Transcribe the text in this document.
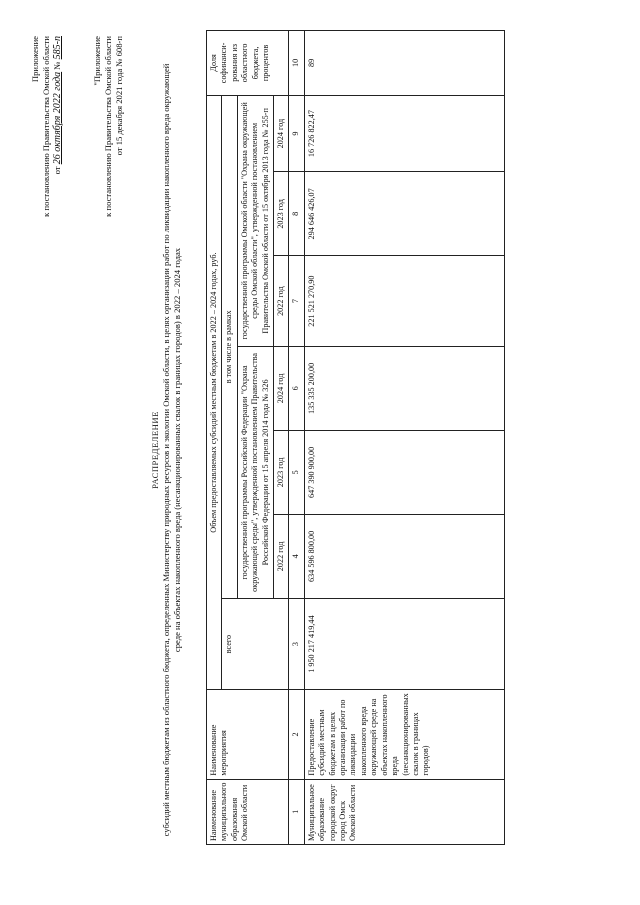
Приложение к постановлению Правительства Омской области от 26 октября 2022 года № 585-п	"Приложение к постановлению Правительства Омской области от 15 декабря 2021 года № 608-п
РАСПРЕДЕЛЕНИЕ субсидий местным бюджетам из областного бюджета, определенных Министерству природных ресурсов и экологии Омской области, в целях организации работ по ликвидации накопленного вреда окружающей среде на объектах накопленного вреда (несанкционированных свалок в границах городов) в 2022 – 2024 годах
Наименование муниципального образования Омской области	Наименование мероприятия	Объем предоставляемых субсидий местным бюджетам в 2022 – 2024 годах, руб.							Доля софинанси-рования из областного бюджета, процентов
		всего	в том числе в рамках						
			государственной программы Российской Федерации "Охрана окружающей среды", утвержденной постановлением Правительства Российской Федерации от 15 апреля 2014 года № 326			государственной программы Омской области "Охрана окружающей среды Омской области", утвержденной постановлением Правительства Омской области от 15 октября 2013 года № 255-п			
			2022 год	2023 год	2024 год	2022 год	2023 год	2024 год	
1	2	3	4	5	6	7	8	9	10
Муниципальное образование городской округ город Омск Омской области	Предоставление субсидий местным бюджетам в целях организации работ по ликвидации накопленного вреда окружающей среде на объектах накопленного вреда (несанкционированных свалок в границах городов)	1 950 217 419,44	634 596 800,00	647 390 900,00	135 335 200,00	221 521 270,90	294 646 426,07	16 726 822,47	89
